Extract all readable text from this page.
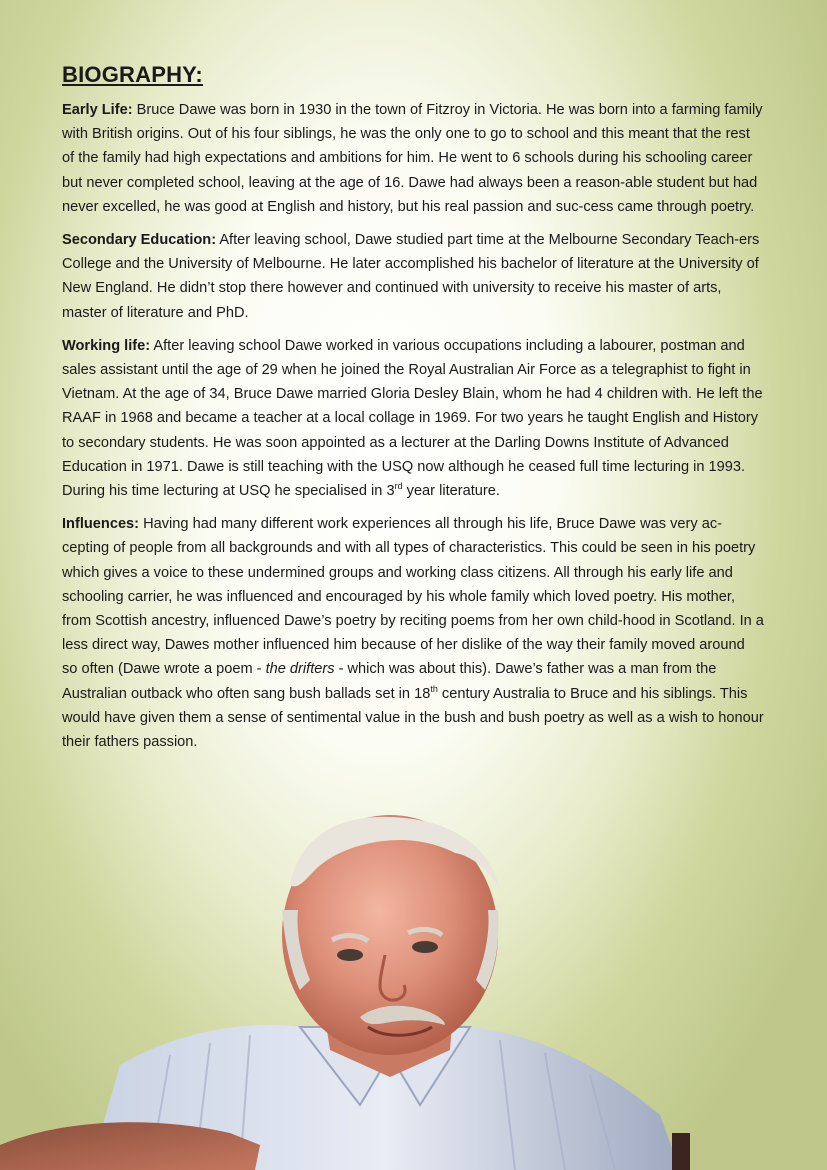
BIOGRAPHY:

Early Life: Bruce Dawe was born in 1930 in the town of Fitzroy in Victoria. He was born into a farming family with British origins. Out of his four siblings, he was the only one to go to school and this meant that the rest of the family had high expectations and ambitions for him. He went to 6 schools during his schooling career but never completed school, leaving at the age of 16. Dawe had always been a reason-able student but had never excelled, he was good at English and history, but his real passion and suc-cess came through poetry.

Secondary Education: After leaving school, Dawe studied part time at the Melbourne Secondary Teach-ers College and the University of Melbourne. He later accomplished his bachelor of literature at the University of New England. He didn’t stop there however and continued with university to receive his master of arts, master of literature and PhD.

Working life: After leaving school Dawe worked in various occupations including a labourer, postman and sales assistant until the age of 29 when he joined the Royal Australian Air Force as a telegraphist to fight in Vietnam. At the age of 34, Bruce Dawe married Gloria Desley Blain, whom he had 4 children with. He left the RAAF in 1968 and became a teacher at a local collage in 1969. For two years he taught English and History to secondary students. He was soon appointed as a lecturer at the Darling Downs Institute of Advanced Education in 1971. Dawe is still teaching with the USQ now although he ceased full time lecturing in 1993. During his time lecturing at USQ he specialised in 3rd year literature.

Influences: Having had many different work experiences all through his life, Bruce Dawe was very ac-cepting of people from all backgrounds and with all types of characteristics. This could be seen in his poetry which gives a voice to these undermined groups and working class citizens. All through his early life and schooling carrier, he was influenced and encouraged by his whole family which loved poetry. His mother, from Scottish ancestry, influenced Dawe’s poetry by reciting poems from her own child-hood in Scotland. In a less direct way, Dawes mother influenced him because of her dislike of the way their family moved around so often (Dawe wrote a poem - the drifters - which was about this). Dawe’s father was a man from the Australian outback who often sang bush ballads set in 18th century Australia to Bruce and his siblings. This would have given them a sense of sentimental value in the bush and bush poetry as well as a wish to honour their fathers passion.
